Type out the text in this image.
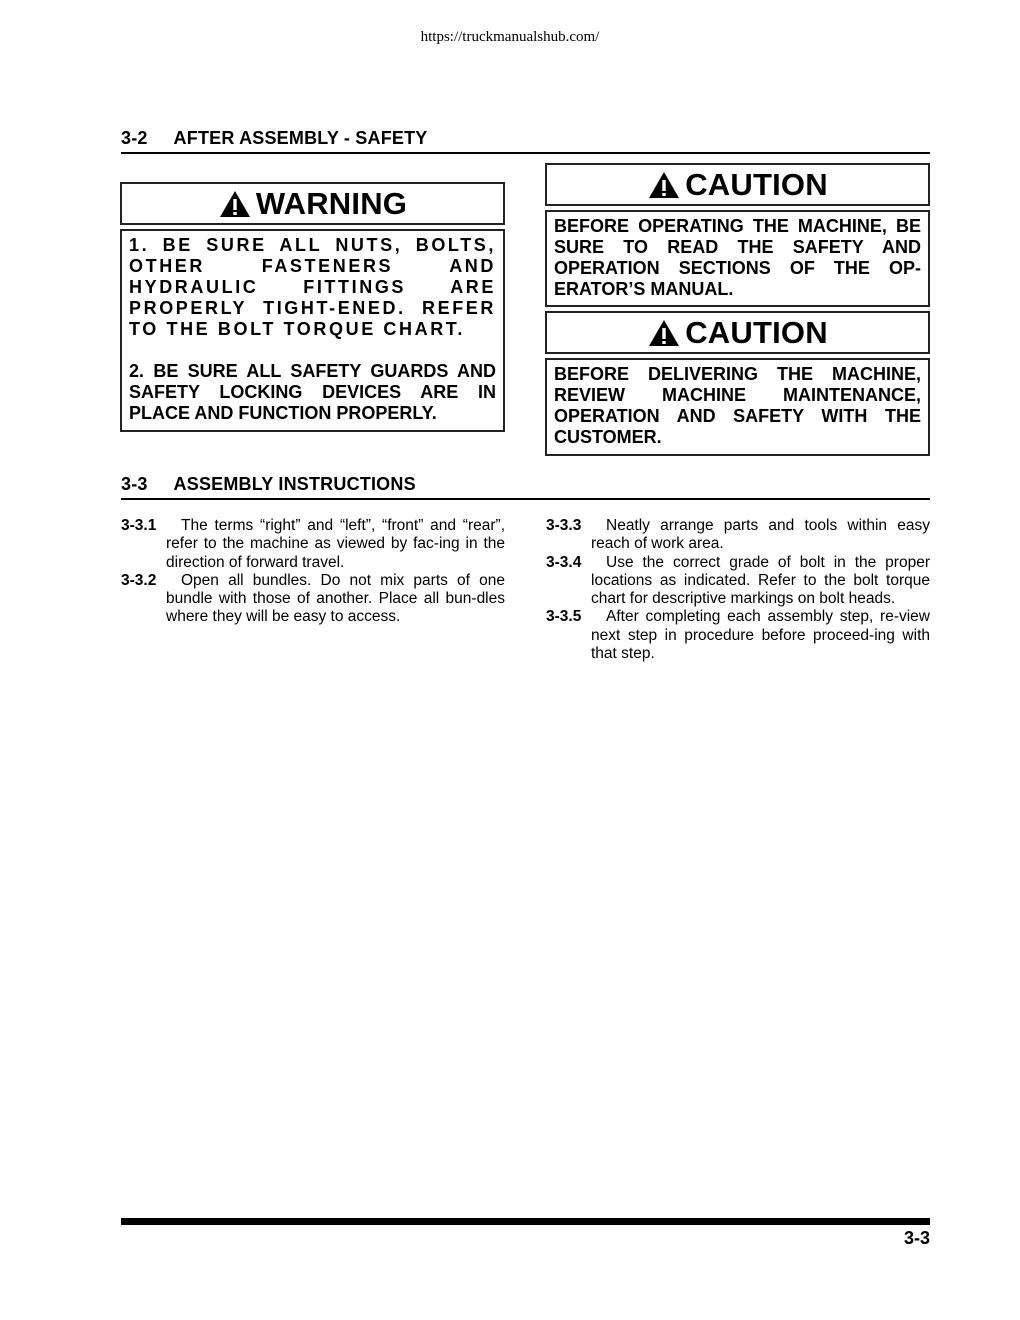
https://truckmanualshub.com/
3-2 AFTER ASSEMBLY - SAFETY
WARNING

1. BE SURE ALL NUTS, BOLTS, OTHER FASTENERS AND HYDRAULIC FITTINGS ARE PROPERLY TIGHT-ENED. REFER TO THE BOLT TORQUE CHART.

2. BE SURE ALL SAFETY GUARDS AND SAFETY LOCKING DEVICES ARE IN PLACE AND FUNCTION PROPERLY.

CAUTION

BEFORE OPERATING THE MACHINE, BE SURE TO READ THE SAFETY AND OPERATION SECTIONS OF THE OP-ERATOR’S MANUAL.

CAUTION

BEFORE DELIVERING THE MACHINE, REVIEW MACHINE MAINTENANCE, OPERATION AND SAFETY WITH THE CUSTOMER.

3-3 ASSEMBLY INSTRUCTIONS
3-3.1	The terms “right” and “left”, “front” and “rear”, refer to the machine as viewed by fac-ing in the direction of forward travel.
3-3.2	Open all bundles. Do not mix parts of one bundle with those of another. Place all bun-dles where they will be easy to access.
3-3.3	Neatly arrange parts and tools within easy reach of work area.
3-3.4	Use the correct grade of bolt in the proper locations as indicated. Refer to the bolt torque chart for descriptive markings on bolt heads.
3-3.5	After completing each assembly step, re-view next step in procedure before proceed-ing with that step.
3-3
